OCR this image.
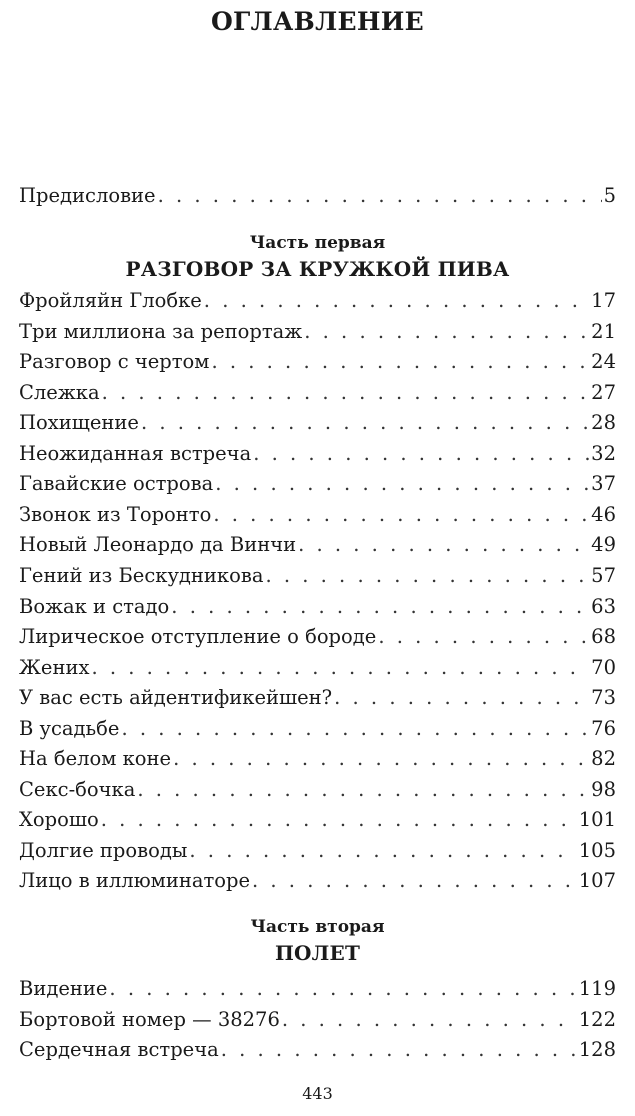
ОГЛАВЛЕНИЕ
Предисловие . . .	5
Часть первая
РАЗГОВОР ЗА КРУЖКОЙ ПИВА
Фройляйн Глобке . . .	17
Три миллиона за репортаж . . .	21
Разговор с чертом . . .	24
Слежка . . .	27
Похищение . . .	28
Неожиданная встреча . . .	32
Гавайские острова . . .	37
Звонок из Торонто . . .	46
Новый Леонардо да Винчи . . .	49
Гений из Бескудникова . . .	57
Вожак и стадо . . .	63
Лирическое отступление о бороде . . .	68
Жених . . .	70
У вас есть айдентификейшен? . . .	73
В усадьбе . . .	76
На белом коне . . .	82
Секс-бочка . . .	98
Хорошо . . .	101
Долгие проводы . . .	105
Лицо в иллюминаторе . . .	107
Часть вторая
ПОЛЕТ
Видение . . .	119
Бортовой номер — 38276 . . .	122
Сердечная встреча . . .	128
443
